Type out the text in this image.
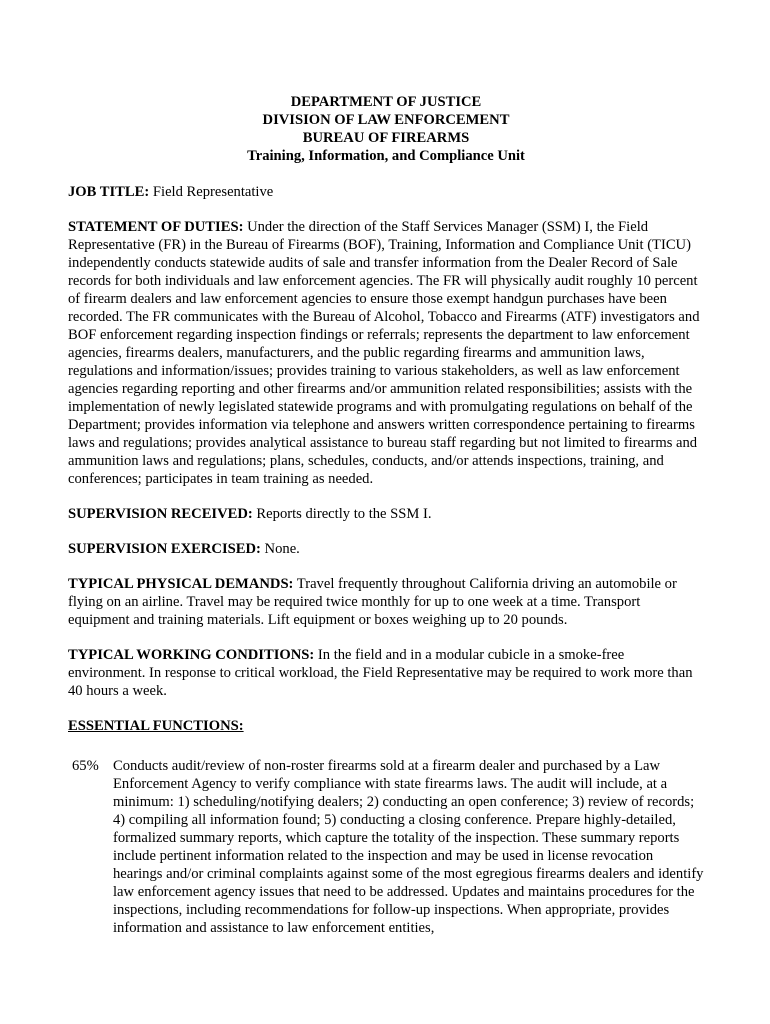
DEPARTMENT OF JUSTICE
DIVISION OF LAW ENFORCEMENT
BUREAU OF FIREARMS
Training, Information, and Compliance Unit

JOB TITLE: Field Representative

STATEMENT OF DUTIES: Under the direction of the Staff Services Manager (SSM) I, the Field Representative (FR) in the Bureau of Firearms (BOF), Training, Information and Compliance Unit (TICU) independently conducts statewide audits of sale and transfer information from the Dealer Record of Sale records for both individuals and law enforcement agencies. The FR will physically audit roughly 10 percent of firearm dealers and law enforcement agencies to ensure those exempt handgun purchases have been recorded. The FR communicates with the Bureau of Alcohol, Tobacco and Firearms (ATF) investigators and BOF enforcement regarding inspection findings or referrals; represents the department to law enforcement agencies, firearms dealers, manufacturers, and the public regarding firearms and ammunition laws, regulations and information/issues; provides training to various stakeholders, as well as law enforcement agencies regarding reporting and other firearms and/or ammunition related responsibilities; assists with the implementation of newly legislated statewide programs and with promulgating regulations on behalf of the Department; provides information via telephone and answers written correspondence pertaining to firearms laws and regulations; provides analytical assistance to bureau staff regarding but not limited to firearms and ammunition laws and regulations; plans, schedules, conducts, and/or attends inspections, training, and conferences; participates in team training as needed.

SUPERVISION RECEIVED: Reports directly to the SSM I.

SUPERVISION EXERCISED: None.

TYPICAL PHYSICAL DEMANDS: Travel frequently throughout California driving an automobile or flying on an airline. Travel may be required twice monthly for up to one week at a time. Transport equipment and training materials. Lift equipment or boxes weighing up to 20 pounds.

TYPICAL WORKING CONDITIONS: In the field and in a modular cubicle in a smoke-free environment. In response to critical workload, the Field Representative may be required to work more than 40 hours a week.

ESSENTIAL FUNCTIONS:

65% Conducts audit/review of non-roster firearms sold at a firearm dealer and purchased by a Law Enforcement Agency to verify compliance with state firearms laws. The audit will include, at a minimum: 1) scheduling/notifying dealers; 2) conducting an open conference; 3) review of records; 4) compiling all information found; 5) conducting a closing conference. Prepare highly-detailed, formalized summary reports, which capture the totality of the inspection. These summary reports include pertinent information related to the inspection and may be used in license revocation hearings and/or criminal complaints against some of the most egregious firearms dealers and identify law enforcement agency issues that need to be addressed. Updates and maintains procedures for the inspections, including recommendations for follow-up inspections. When appropriate, provides information and assistance to law enforcement entities,
